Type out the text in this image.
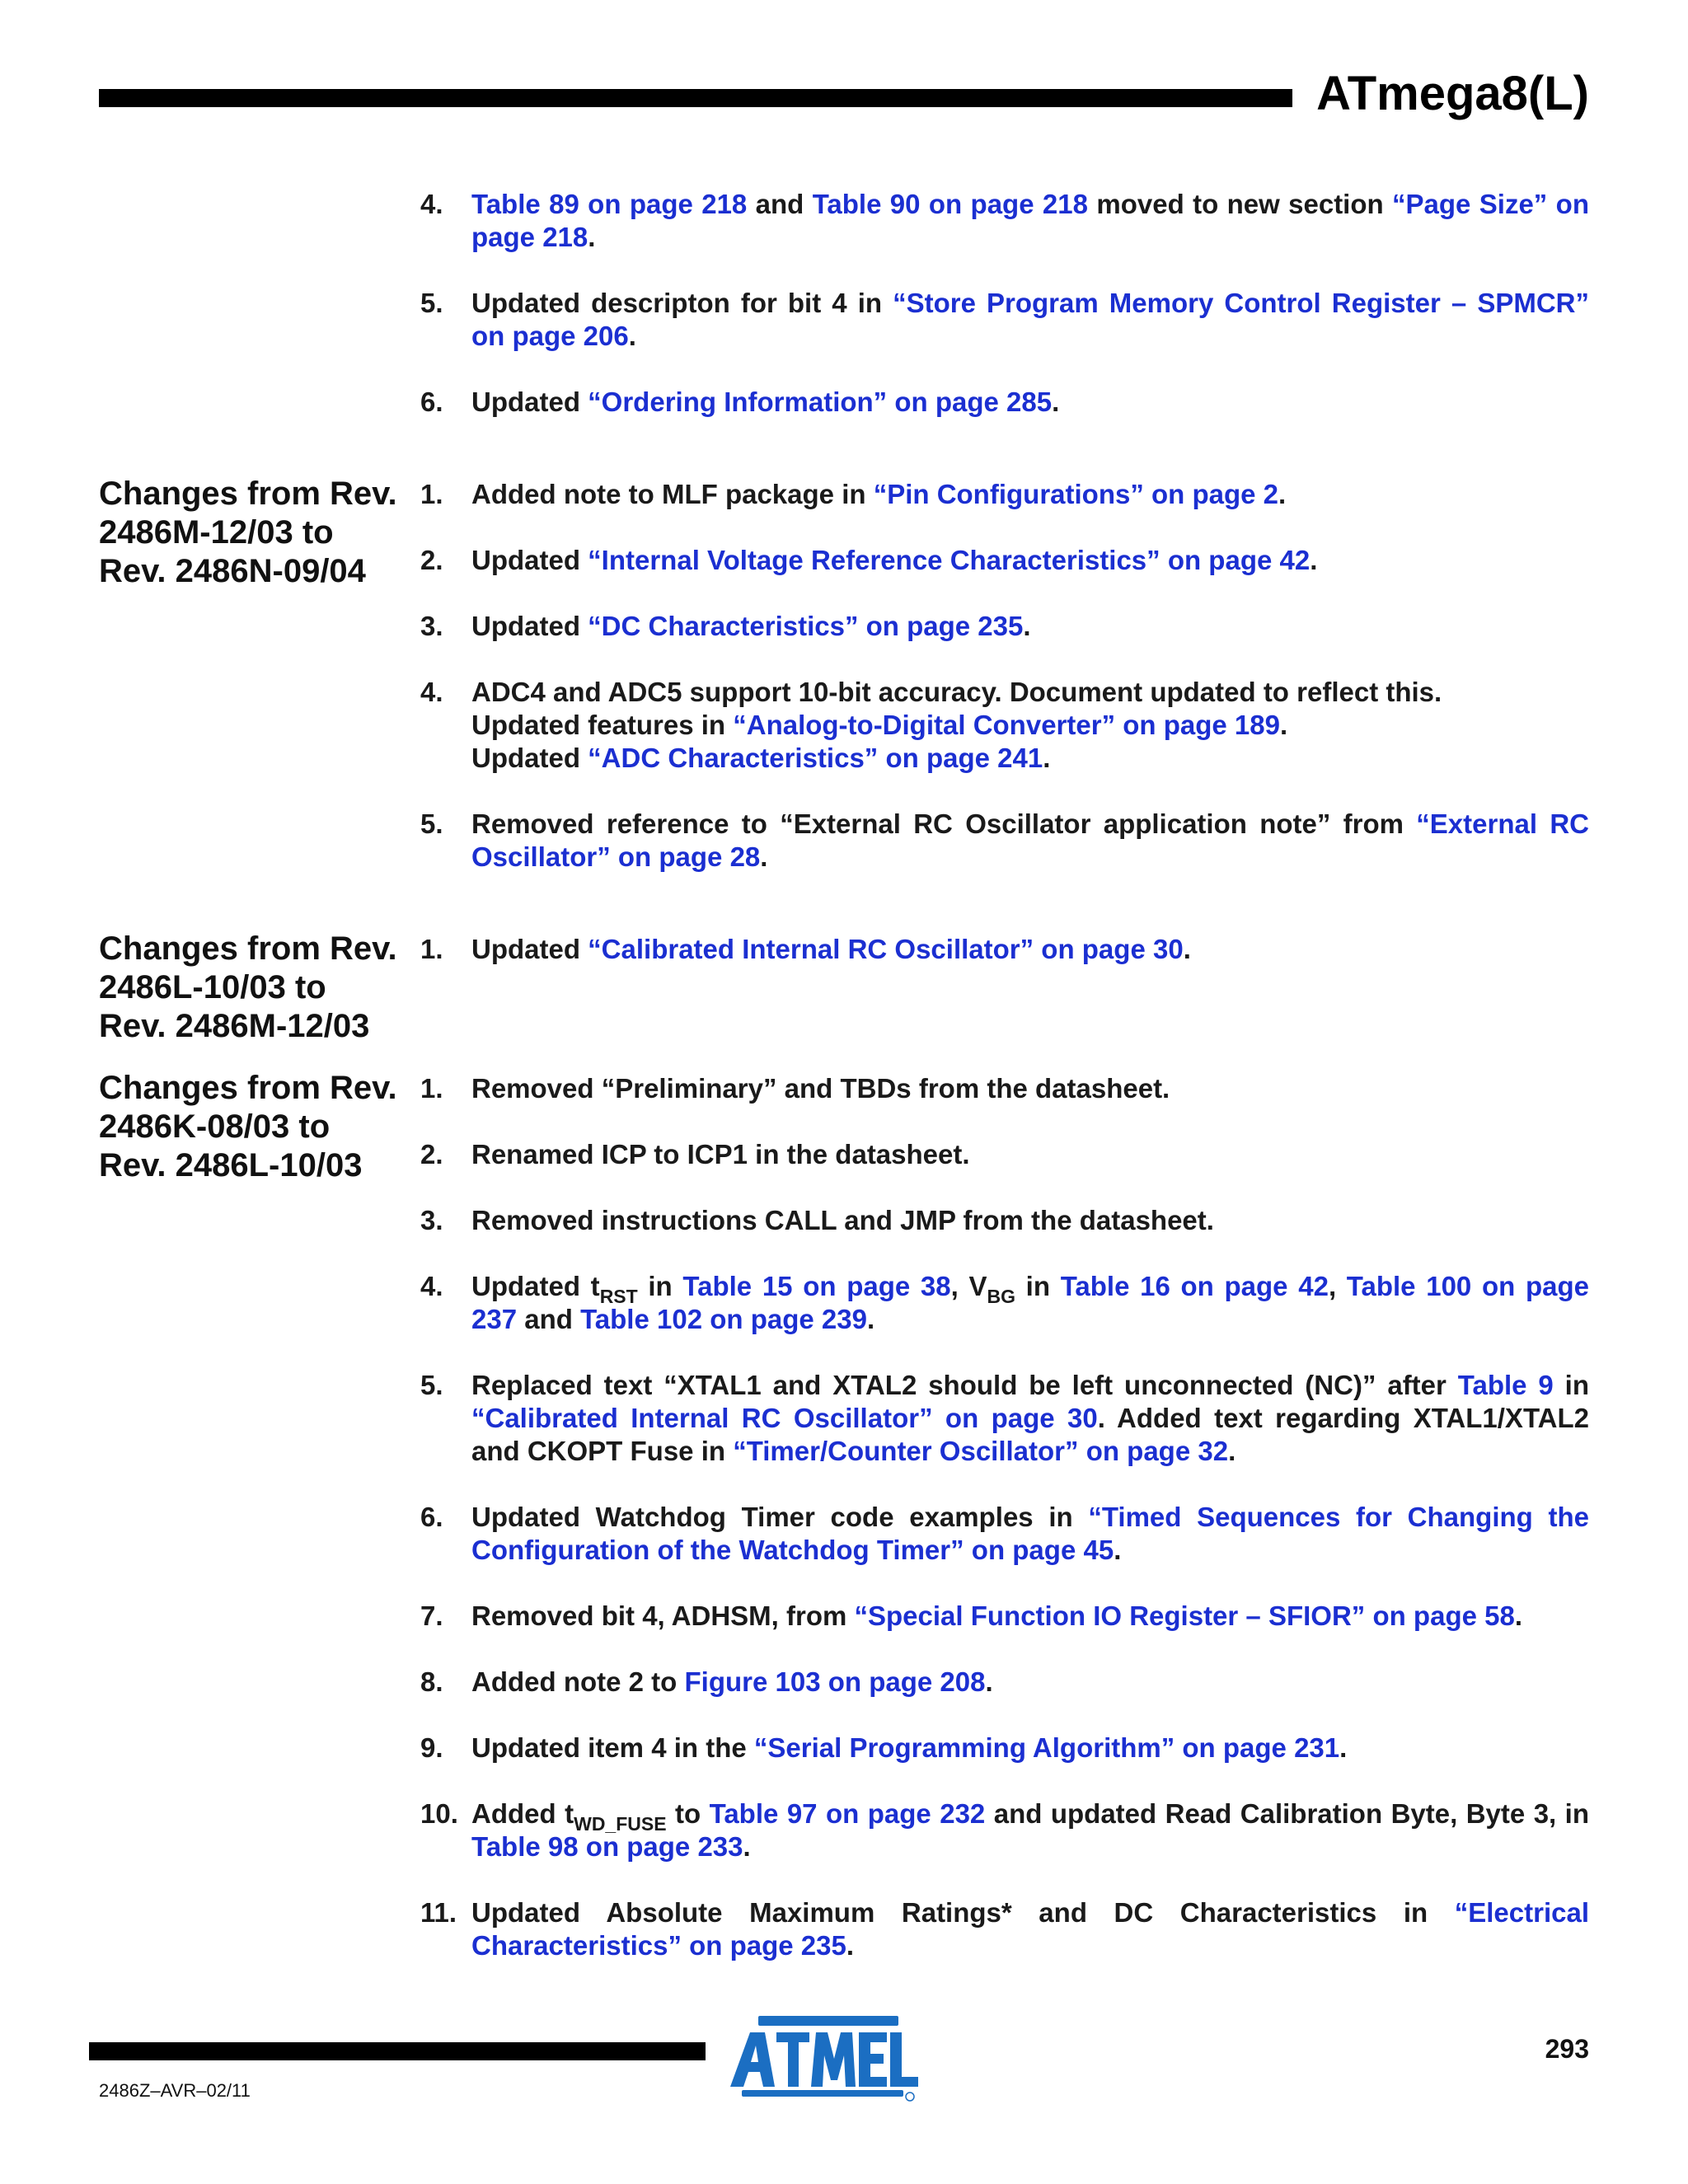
ATmega8(L)
4.	Table 89 on page 218 and Table 90 on page 218 moved to new section “Page Size” on page 218.
5.	Updated descripton for bit 4 in “Store Program Memory Control Register – SPMCR” on page 206.
6.	Updated “Ordering Information” on page 285.
Changes from Rev.
2486M-12/03 to
Rev. 2486N-09/04
1.	Added note to MLF package in “Pin Configurations” on page 2.
2.	Updated “Internal Voltage Reference Characteristics” on page 42.
3.	Updated “DC Characteristics” on page 235.
4.	ADC4 and ADC5 support 10-bit accuracy. Document updated to reflect this.
Updated features in “Analog-to-Digital Converter” on page 189.
Updated “ADC Characteristics” on page 241.
5.	Removed reference to “External RC Oscillator application note” from “External RC Oscillator” on page 28.
Changes from Rev.
2486L-10/03 to
Rev. 2486M-12/03
1.	Updated “Calibrated Internal RC Oscillator” on page 30.
Changes from Rev.
2486K-08/03 to
Rev. 2486L-10/03
1.	Removed “Preliminary” and TBDs from the datasheet.
2.	Renamed ICP to ICP1 in the datasheet.
3.	Removed instructions CALL and JMP from the datasheet.
4.	Updated $t_{RST}$ in Table 15 on page 38, $V_{BG}$ in Table 16 on page 42, Table 100 on page 237 and Table 102 on page 239.
5.	Replaced text “XTAL1 and XTAL2 should be left unconnected (NC)” after Table 9 in “Calibrated Internal RC Oscillator” on page 30. Added text regarding XTAL1/XTAL2 and CKOPT Fuse in “Timer/Counter Oscillator” on page 32.
6.	Updated Watchdog Timer code examples in “Timed Sequences for Changing the Configuration of the Watchdog Timer” on page 45.
7.	Removed bit 4, ADHSM, from “Special Function IO Register – SFIOR” on page 58.
8.	Added note 2 to Figure 103 on page 208.
9.	Updated item 4 in the “Serial Programming Algorithm” on page 231.
10. Added $t_{WD\_FUSE}$ to Table 97 on page 232 and updated Read Calibration Byte, Byte 3, in Table 98 on page 233.
11. Updated Absolute Maximum Ratings* and DC Characteristics in “Electrical Characteristics” on page 235.
2486Z–AVR–02/11
293
